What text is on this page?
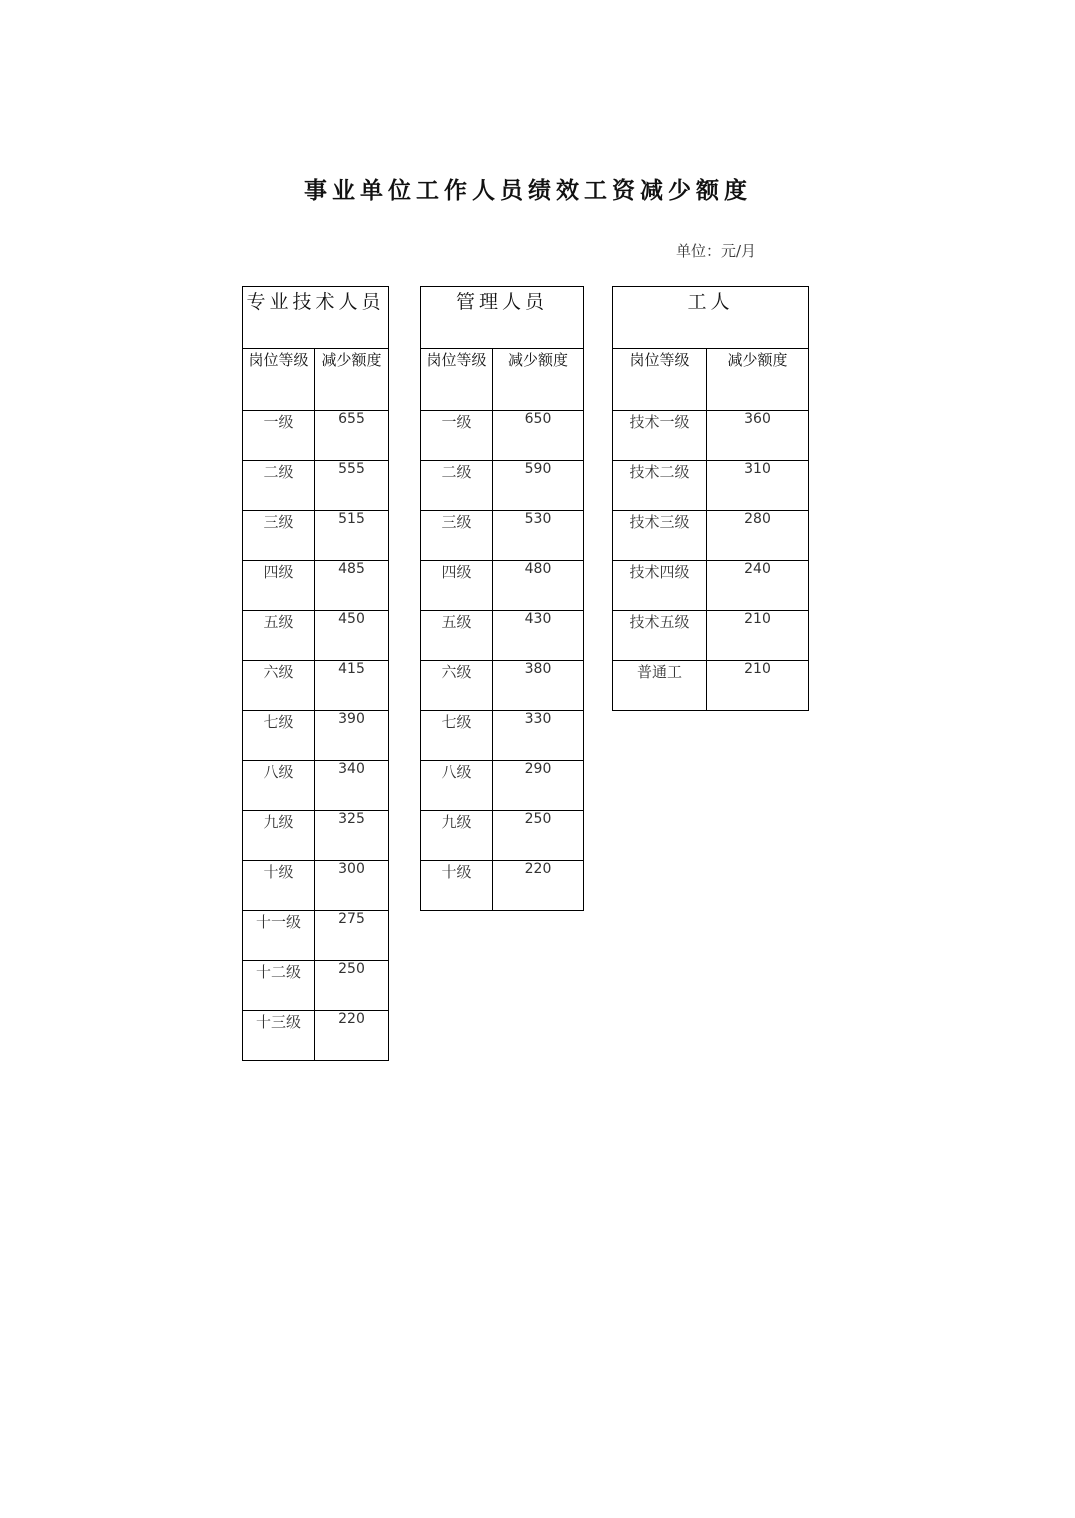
事业单位工作人员绩效工资减少额度
单位：元/月
专业技术人员	
岗位等级	减少额度
一级	655
二级	555
三级	515
四级	485
五级	450
六级	415
七级	390
八级	340
九级	325
十级	300
十一级	275
十二级	250
十三级	220
管理人员	
岗位等级	减少额度
一级	650
二级	590
三级	530
四级	480
五级	430
六级	380
七级	330
八级	290
九级	250
十级	220
工人	
岗位等级	减少额度
技术一级	360
技术二级	310
技术三级	280
技术四级	240
技术五级	210
普通工	210
